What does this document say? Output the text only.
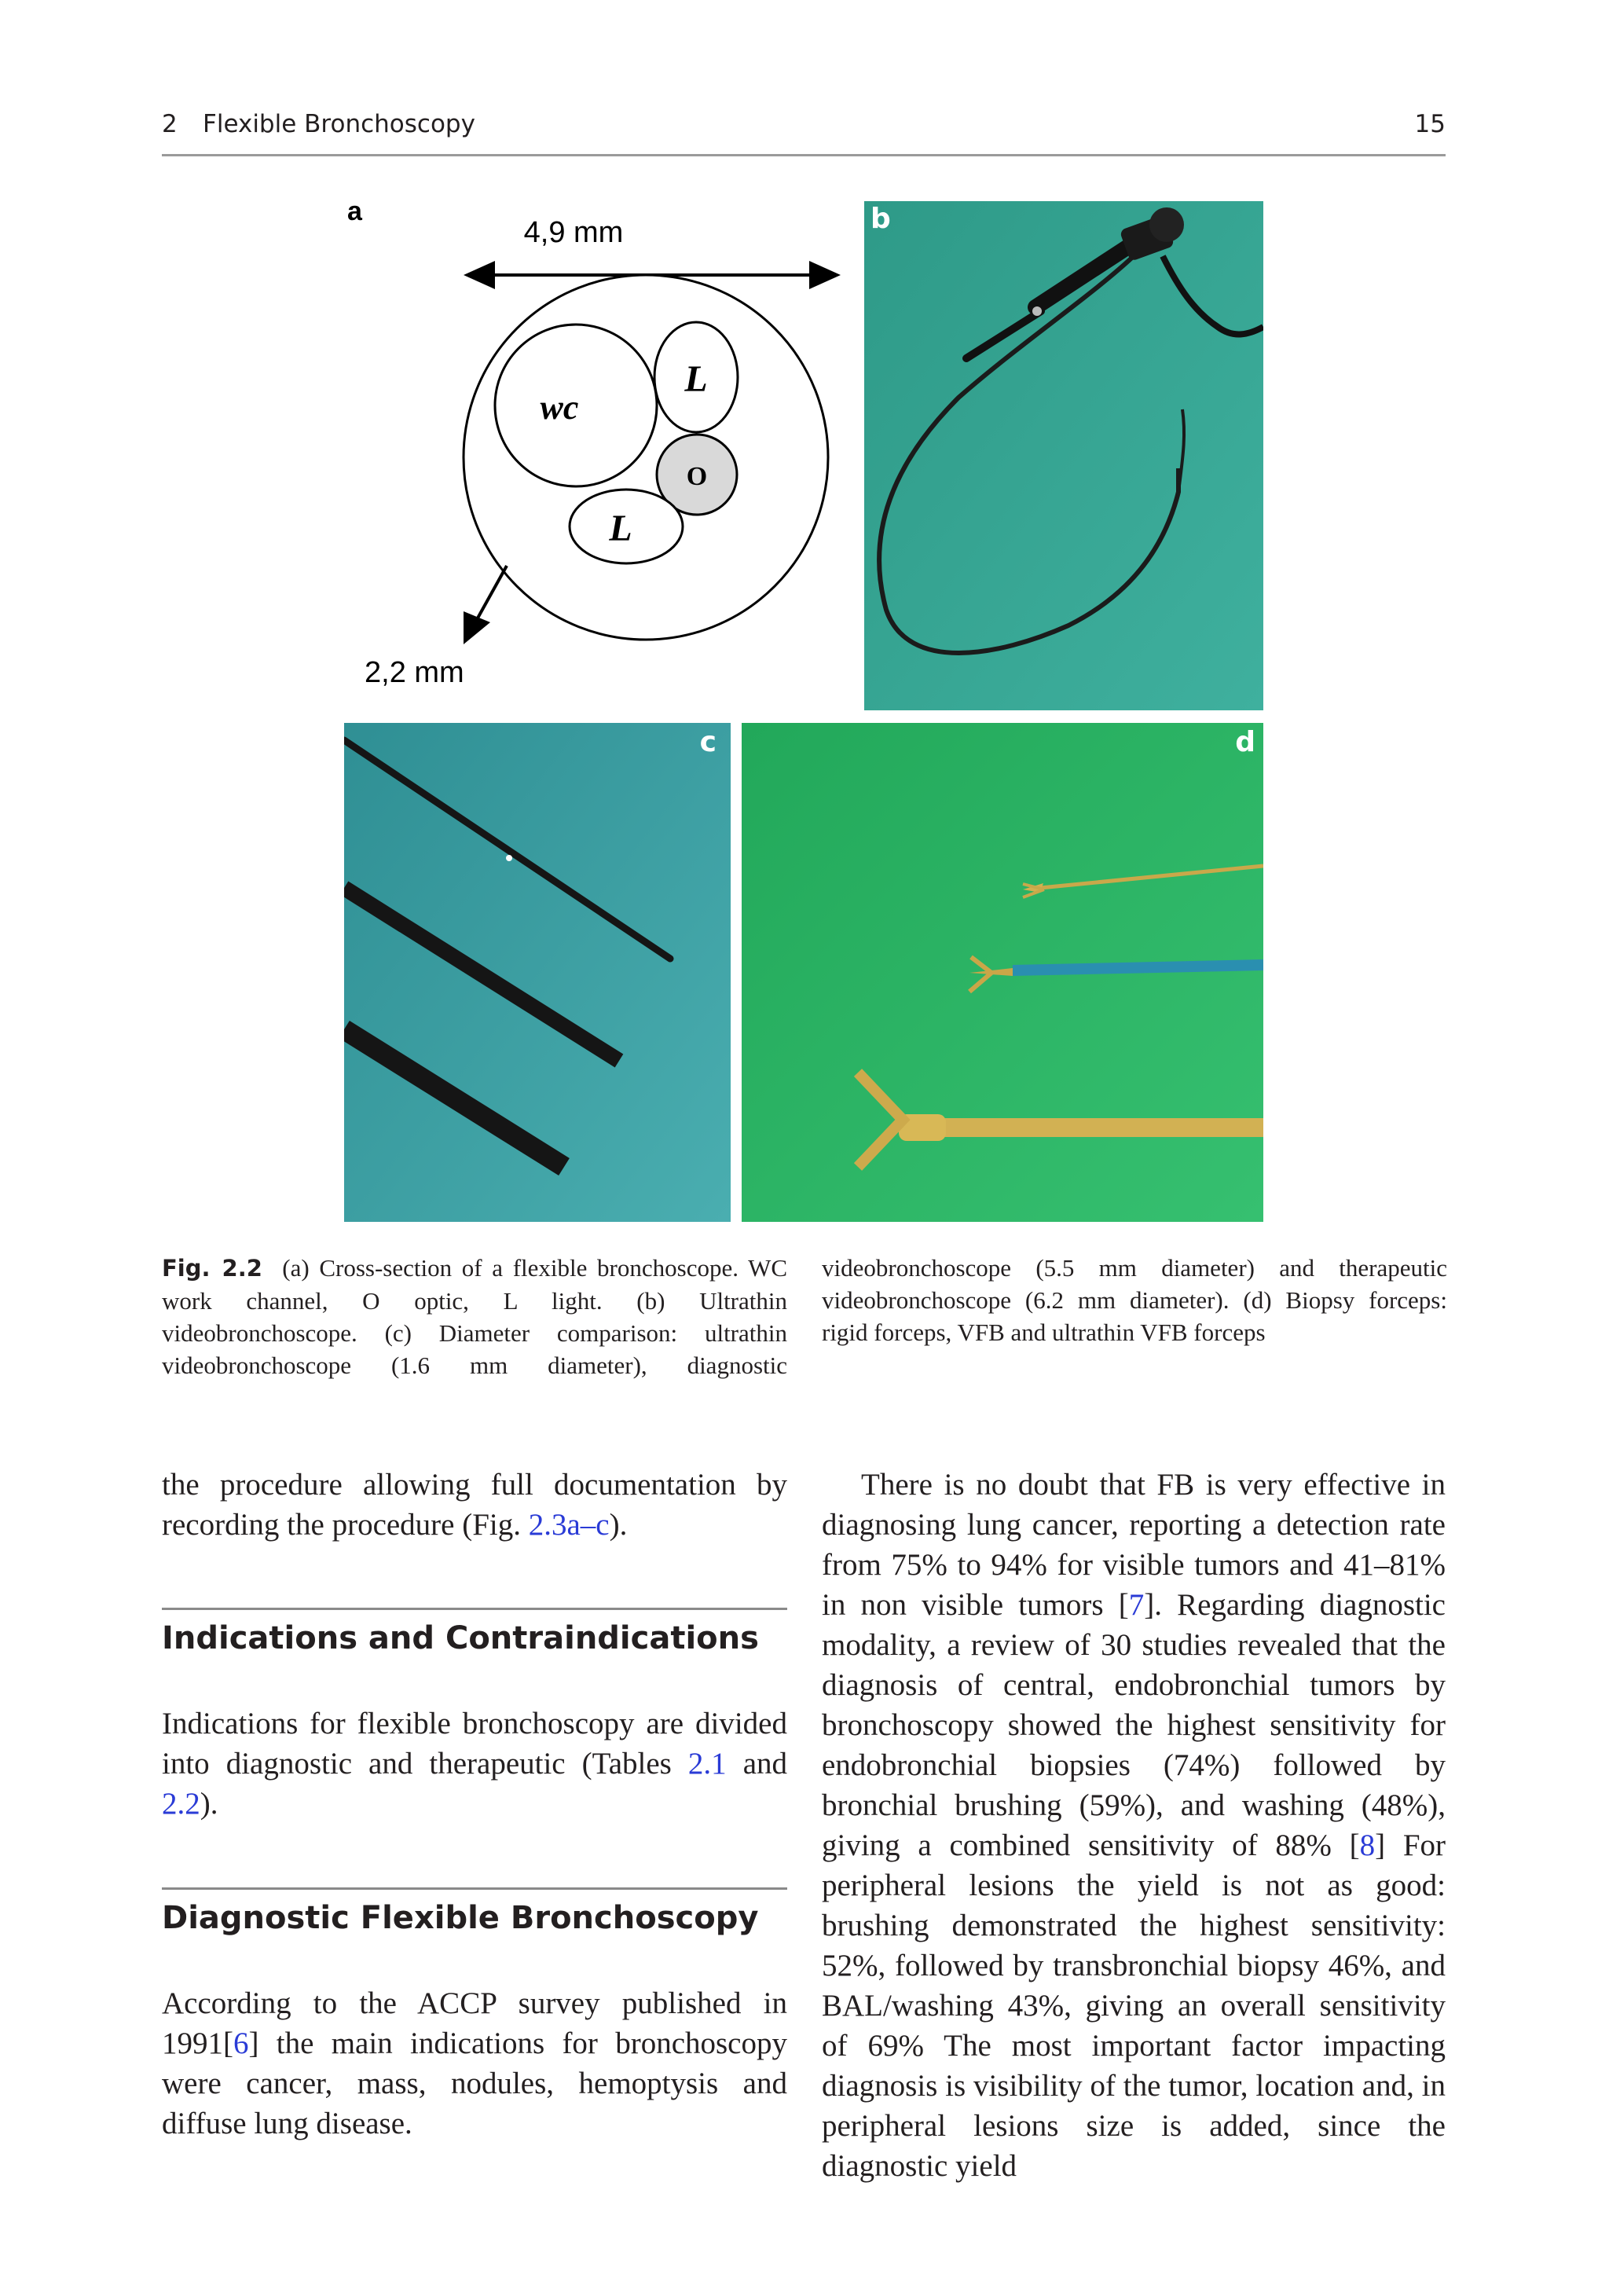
2 Flexible Bronchoscopy	15
a
4,9 mm
wc
L
O
L
2,2 mm
b
c	d
Fig. 2.2 (a) Cross-section of a flexible bronchoscope. WC work channel, O optic, L light. (b) Ultrathin videobronchoscope. (c) Diameter comparison: ultrathin videobronchoscope (1.6 mm diameter), diagnostic
videobronchoscope (5.5 mm diameter) and therapeutic videobronchoscope (6.2 mm diameter). (d) Biopsy forceps: rigid forceps, VFB and ultrathin VFB forceps
the procedure allowing full documentation by recording the procedure (Fig. 2.3a–c).
Indications and Contraindications
Indications for flexible bronchoscopy are divided into diagnostic and therapeutic (Tables 2.1 and 2.2).
Diagnostic Flexible Bronchoscopy
According to the ACCP survey published in 1991[6] the main indications for bronchoscopy were cancer, mass, nodules, hemoptysis and diffuse lung disease.
There is no doubt that FB is very effective in diagnosing lung cancer, reporting a detection rate from 75% to 94% for visible tumors and 41–81% in non visible tumors [7]. Regarding diagnostic modality, a review of 30 studies revealed that the diagnosis of central, endobronchial tumors by bronchoscopy showed the highest sensitivity for endobronchial biopsies (74%) followed by bronchial brushing (59%), and washing (48%), giving a combined sensitivity of 88% [8] For peripheral lesions the yield is not as good: brushing demonstrated the highest sensitivity: 52%, followed by transbronchial biopsy 46%, and BAL/washing 43%, giving an overall sensitivity of 69% The most important factor impacting diagnosis is visibility of the tumor, location and, in peripheral lesions size is added, since the diagnostic yield
